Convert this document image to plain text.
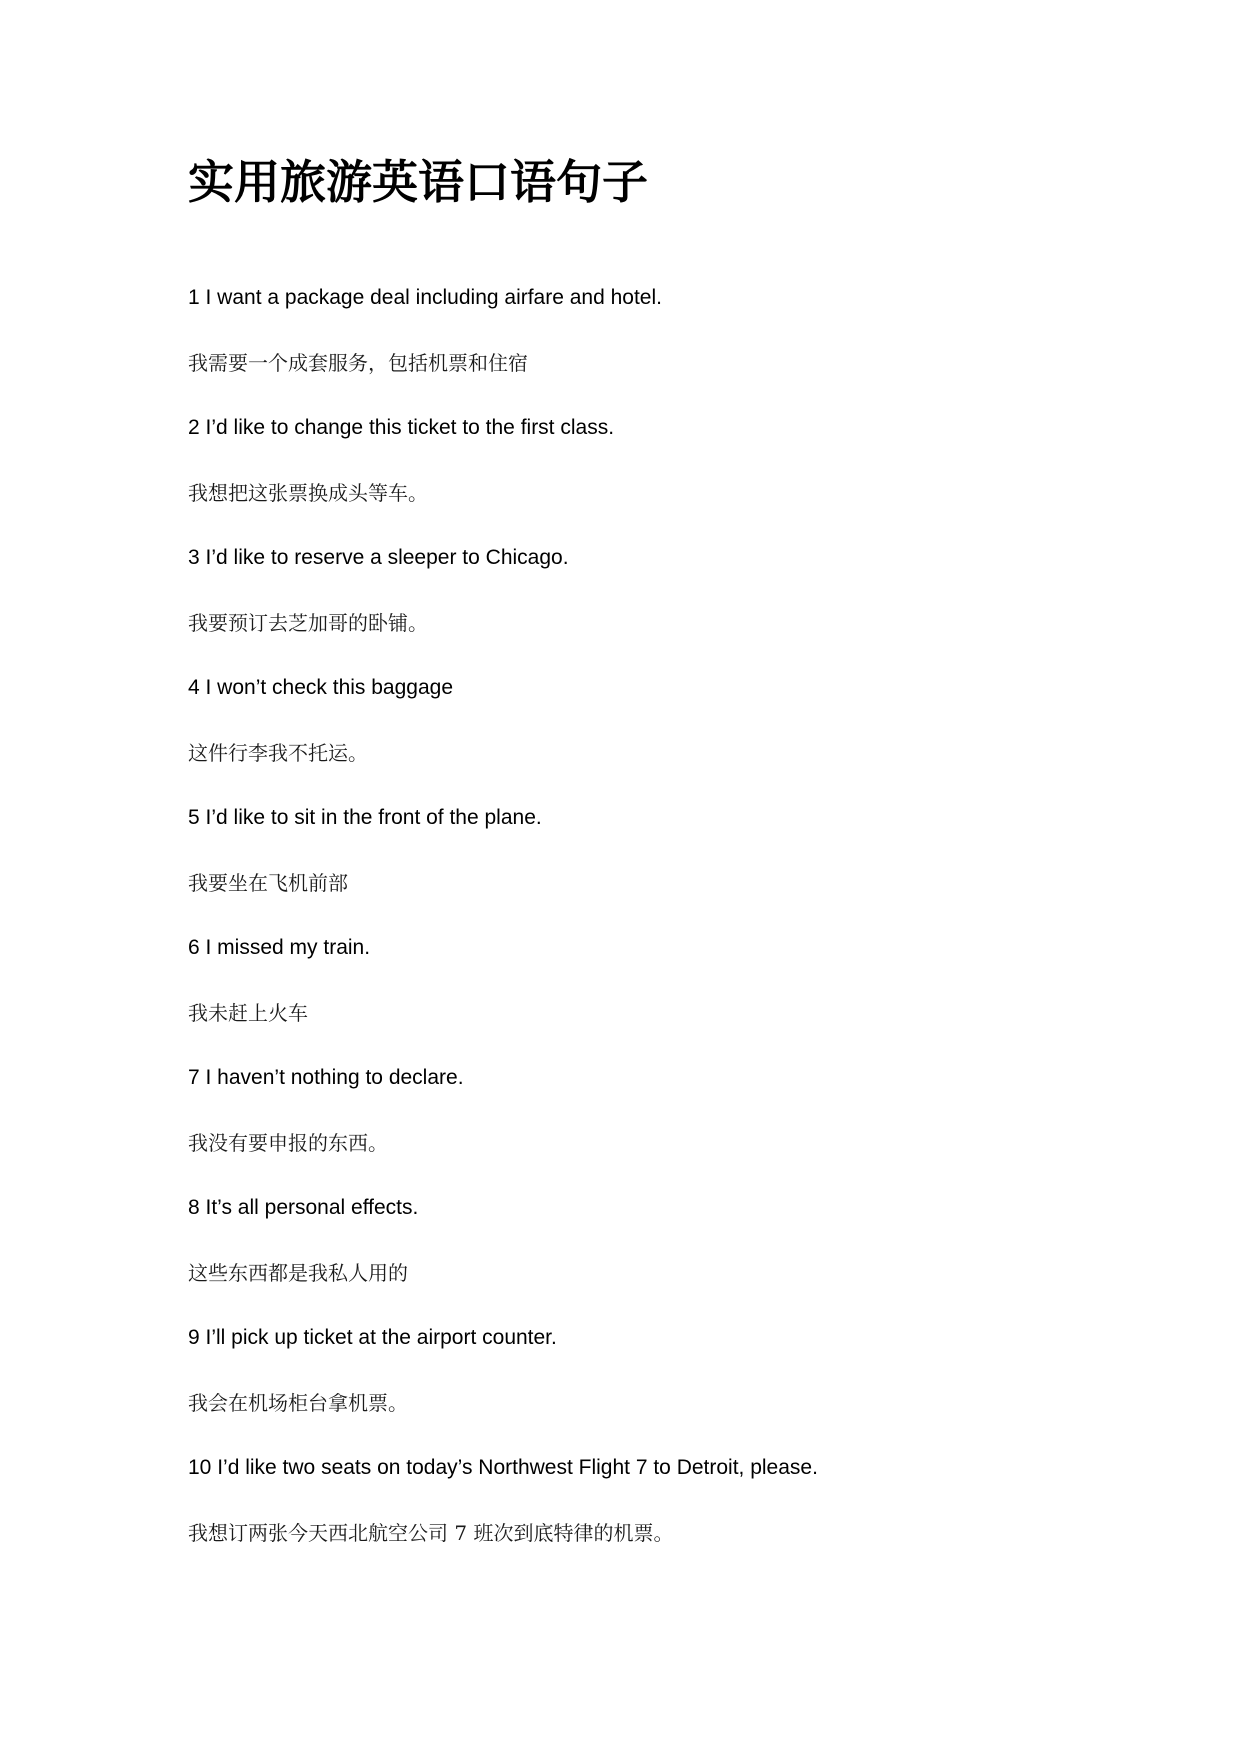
实用旅游英语口语句子
1 I want a package deal including airfare and hotel.
我需要一个成套服务，包括机票和住宿
2 I’d like to change this ticket to the first class.
我想把这张票换成头等车。
3 I’d like to reserve a sleeper to Chicago.
我要预订去芝加哥的卧铺。
4 I won’t check this baggage
这件行李我不托运。
5 I’d like to sit in the front of the plane.
我要坐在飞机前部
6 I missed my train.
我未赶上火车
7 I haven’t nothing to declare.
我没有要申报的东西。
8 It’s all personal effects.
这些东西都是我私人用的
9 I’ll pick up ticket at the airport counter.
我会在机场柜台拿机票。
10 I’d like two seats on today’s Northwest Flight 7 to Detroit, please.
我想订两张今天西北航空公司 7 班次到底特律的机票。
